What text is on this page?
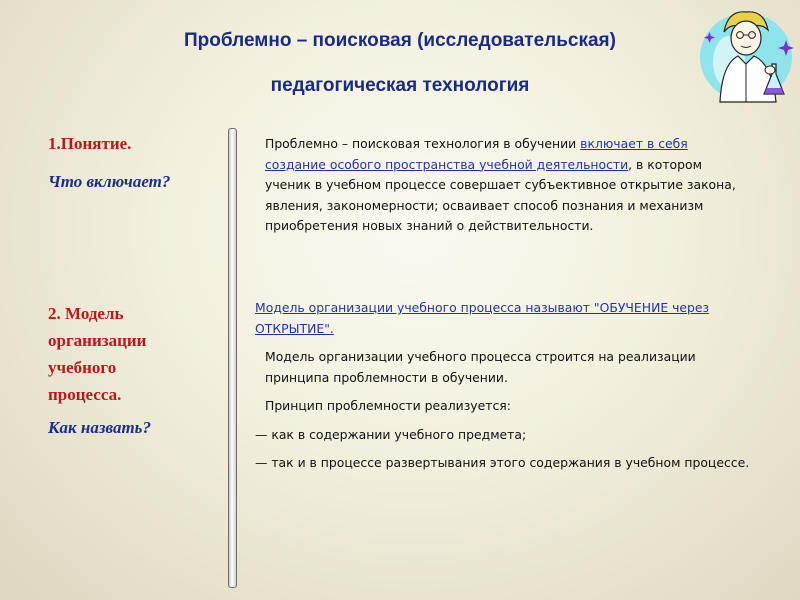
Проблемно – поисковая (исследовательская)
педагогическая технология
1.Понятие.
Что включает?
2. Модель
организации
учебного
процесса.
Как назвать?

Проблемно – поисковая технология в обучении включает в себя создание особого пространства учебной деятельности, в котором ученик в учебном процессе совершает субъективное открытие закона, явления, закономерности; осваивает способ познания и механизм приобретения новых знаний о действительности.

Модель организации учебного процесса называют "ОБУЧЕНИЕ через ОТКРЫТИЕ".

Модель организации учебного процесса строится на реализации принципа проблемности в обучении.

Принцип проблемности реализуется:

— как в содержании учебного предмета;

— так и в процессе развертывания этого содержания в учебном процессе.
